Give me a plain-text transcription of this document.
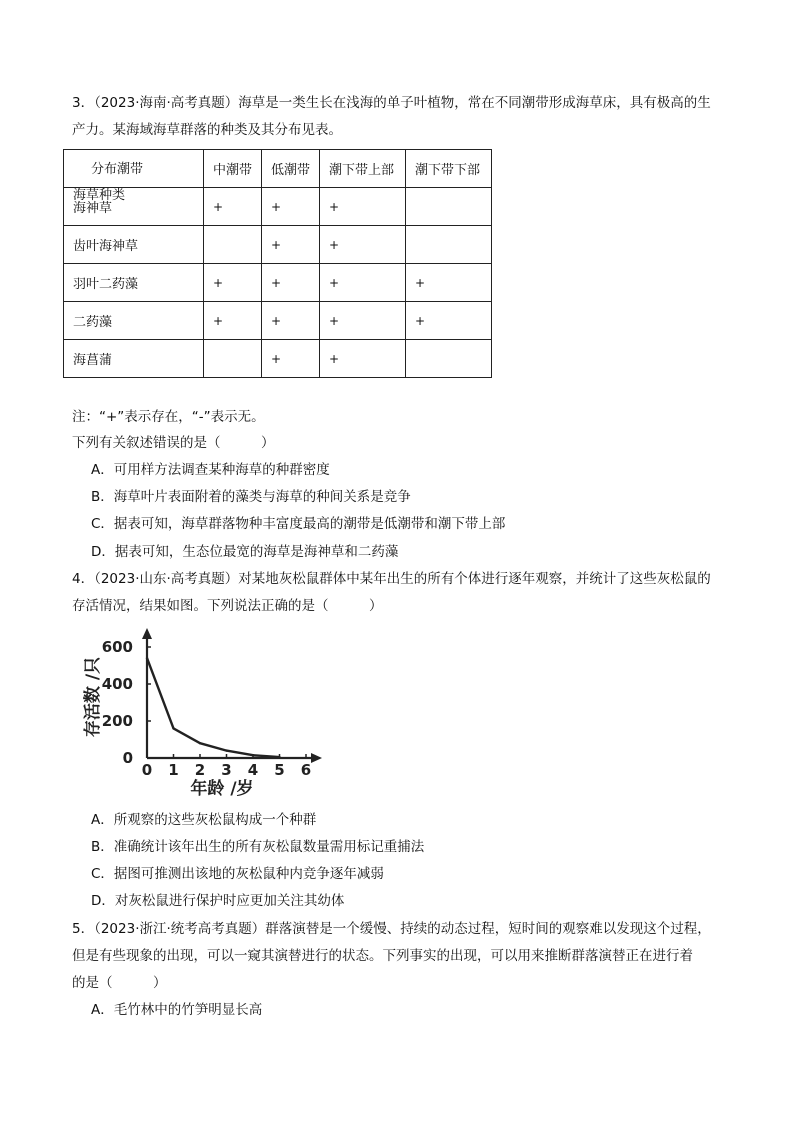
3．（2023·海南·高考真题）海草是一类生长在浅海的单子叶植物，常在不同潮带形成海草床，具有极高的生
产力。某海域海草群落的种类及其分布见表。
分布潮带
海草种类	中潮带	低潮带	潮下带上部	潮下带下部
海神草	+	+	+	
齿叶海神草		+	+	
羽叶二药藻	+	+	+	+
二药藻	+	+	+	+
海菖蒲		+	+	
注：“+”表示存在，“-”表示无。
下列有关叙述错误的是（　　　）
A．可用样方法调查某种海草的种群密度
B．海草叶片表面附着的藻类与海草的种间关系是竞争
C．据表可知，海草群落物种丰富度最高的潮带是低潮带和潮下带上部
D．据表可知，生态位最宽的海草是海神草和二药藻
4．（2023·山东·高考真题）对某地灰松鼠群体中某年出生的所有个体进行逐年观察，并统计了这些灰松鼠的
存活情况，结果如图。下列说法正确的是（　　　）
0 1 2 3 4 5 6
0
200
400
600
存活数 /只
年龄 /岁
A．所观察的这些灰松鼠构成一个种群
B．准确统计该年出生的所有灰松鼠数量需用标记重捕法
C．据图可推测出该地的灰松鼠种内竞争逐年减弱
D．对灰松鼠进行保护时应更加关注其幼体
5．（2023·浙江·统考高考真题）群落演替是一个缓慢、持续的动态过程，短时间的观察难以发现这个过程，
但是有些现象的出现，可以一窥其演替进行的状态。下列事实的出现，可以用来推断群落演替正在进行着
的是（　　　）
A．毛竹林中的竹笋明显长高
